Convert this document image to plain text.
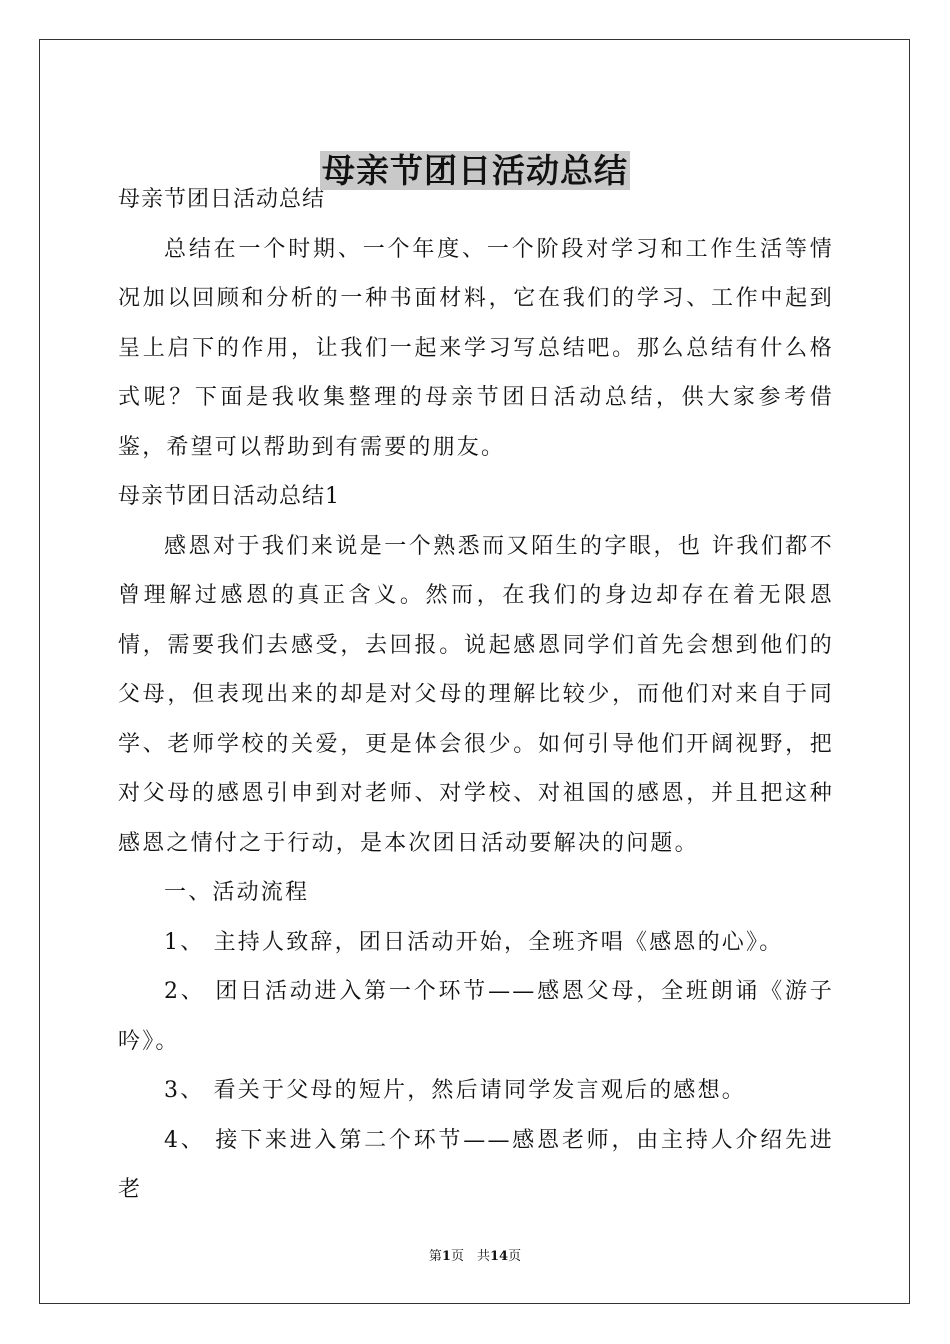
母亲节团日活动总结

母亲节团日活动总结

总结在一个时期、一个年度、一个阶段对学习和工作生活等情况加以回顾和分析的一种书面材料，它在我们的学习、工作中起到呈上启下的作用，让我们一起来学习写总结吧。那么总结有什么格式呢？下面是我收集整理的母亲节团日活动总结，供大家参考借鉴，希望可以帮助到有需要的朋友。

母亲节团日活动总结1

感恩对于我们来说是一个熟悉而又陌生的字眼，也 许我们都不曾理解过感恩的真正含义。然而，在我们的身边却存在着无限恩情，需要我们去感受，去回报。说起感恩同学们首先会想到他们的父母，但表现出来的却是对父母的理解比较少，而他们对来自于同学、老师学校的关爱，更是体会很少。如何引导他们开阔视野，把对父母的感恩引申到对老师、对学校、对祖国的感恩，并且把这种感恩之情付之于行动，是本次团日活动要解决的问题。

一、活动流程

1、 主持人致辞，团日活动开始，全班齐唱《感恩的心》。

2、 团日活动进入第一个环节——感恩父母，全班朗诵《游子吟》。

3、 看关于父母的短片，然后请同学发言观后的感想。

4、 接下来进入第二个环节——感恩老师，由主持人介绍先进老

第1页　共14页
